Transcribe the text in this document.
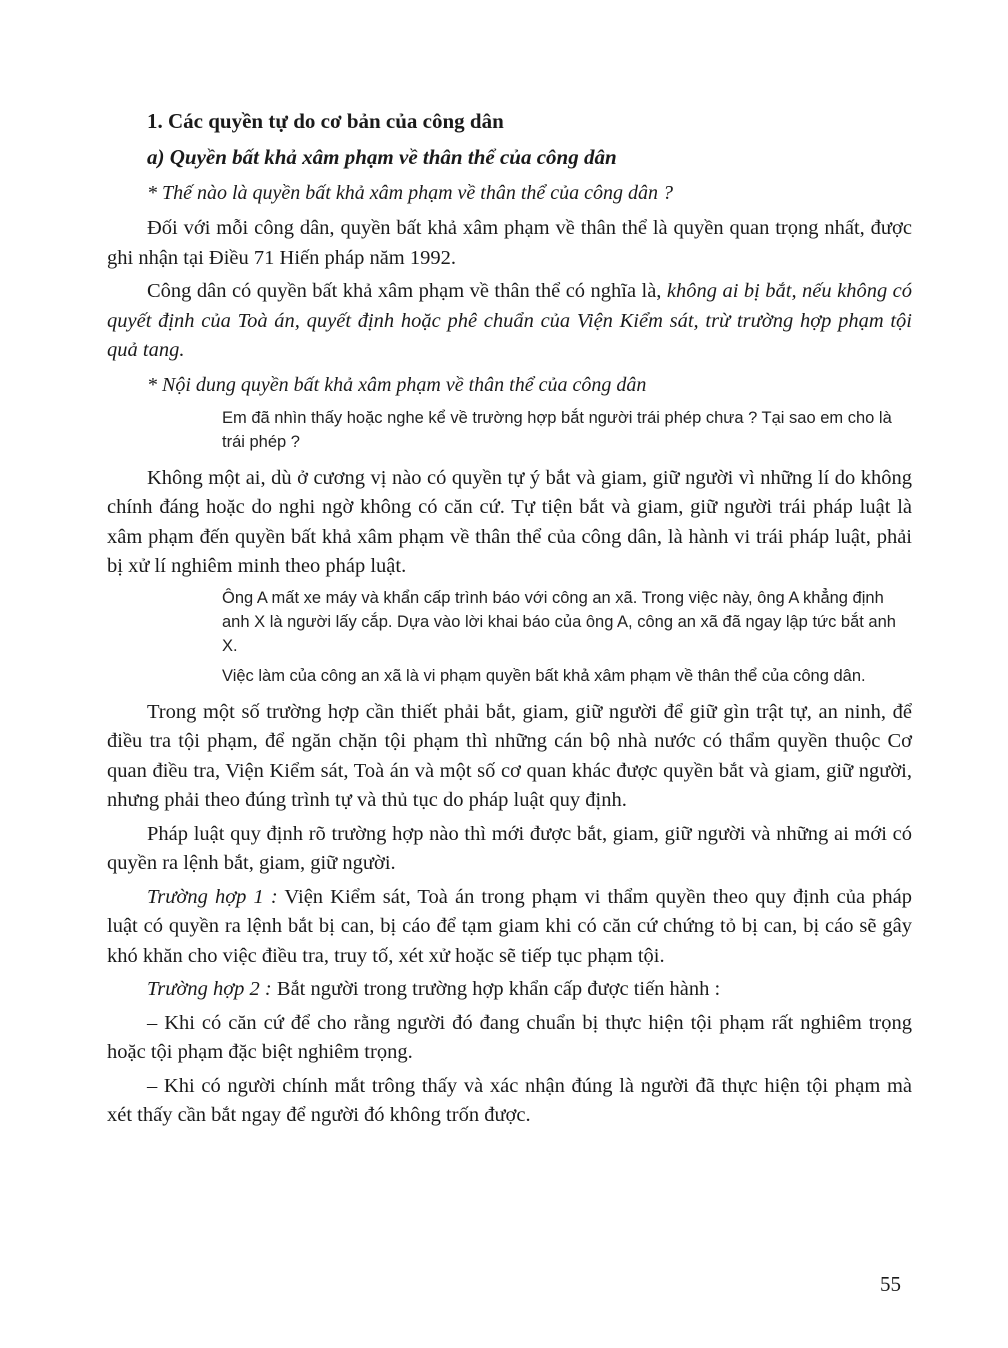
1. Các quyền tự do cơ bản của công dân
a) Quyền bất khả xâm phạm về thân thể của công dân
* Thế nào là quyền bất khả xâm phạm về thân thể của công dân ?

Đối với mỗi công dân, quyền bất khả xâm phạm về thân thể là quyền quan trọng nhất, được ghi nhận tại Điều 71 Hiến pháp năm 1992.

Công dân có quyền bất khả xâm phạm về thân thể có nghĩa là, không ai bị bắt, nếu không có quyết định của Toà án, quyết định hoặc phê chuẩn của Viện Kiểm sát, trừ trường hợp phạm tội quả tang.

* Nội dung quyền bất khả xâm phạm về thân thể của công dân

Em đã nhìn thấy hoặc nghe kể về trường hợp bắt người trái phép chưa ? Tại sao em cho là trái phép ?

Không một ai, dù ở cương vị nào có quyền tự ý bắt và giam, giữ người vì những lí do không chính đáng hoặc do nghi ngờ không có căn cứ. Tự tiện bắt và giam, giữ người trái pháp luật là xâm phạm đến quyền bất khả xâm phạm về thân thể của công dân, là hành vi trái pháp luật, phải bị xử lí nghiêm minh theo pháp luật.

Ông A mất xe máy và khẩn cấp trình báo với công an xã. Trong việc này, ông A khẳng định anh X là người lấy cắp. Dựa vào lời khai báo của ông A, công an xã đã ngay lập tức bắt anh X.

Việc làm của công an xã là vi phạm quyền bất khả xâm phạm về thân thể của công dân.

Trong một số trường hợp cần thiết phải bắt, giam, giữ người để giữ gìn trật tự, an ninh, để điều tra tội phạm, để ngăn chặn tội phạm thì những cán bộ nhà nước có thẩm quyền thuộc Cơ quan điều tra, Viện Kiểm sát, Toà án và một số cơ quan khác được quyền bắt và giam, giữ người, nhưng phải theo đúng trình tự và thủ tục do pháp luật quy định.

Pháp luật quy định rõ trường hợp nào thì mới được bắt, giam, giữ người và những ai mới có quyền ra lệnh bắt, giam, giữ người.

Trường hợp 1 : Viện Kiểm sát, Toà án trong phạm vi thẩm quyền theo quy định của pháp luật có quyền ra lệnh bắt bị can, bị cáo để tạm giam khi có căn cứ chứng tỏ bị can, bị cáo sẽ gây khó khăn cho việc điều tra, truy tố, xét xử hoặc sẽ tiếp tục phạm tội.

Trường hợp 2 : Bắt người trong trường hợp khẩn cấp được tiến hành :

– Khi có căn cứ để cho rằng người đó đang chuẩn bị thực hiện tội phạm rất nghiêm trọng hoặc tội phạm đặc biệt nghiêm trọng.

– Khi có người chính mắt trông thấy và xác nhận đúng là người đã thực hiện tội phạm mà xét thấy cần bắt ngay để người đó không trốn được.

55
